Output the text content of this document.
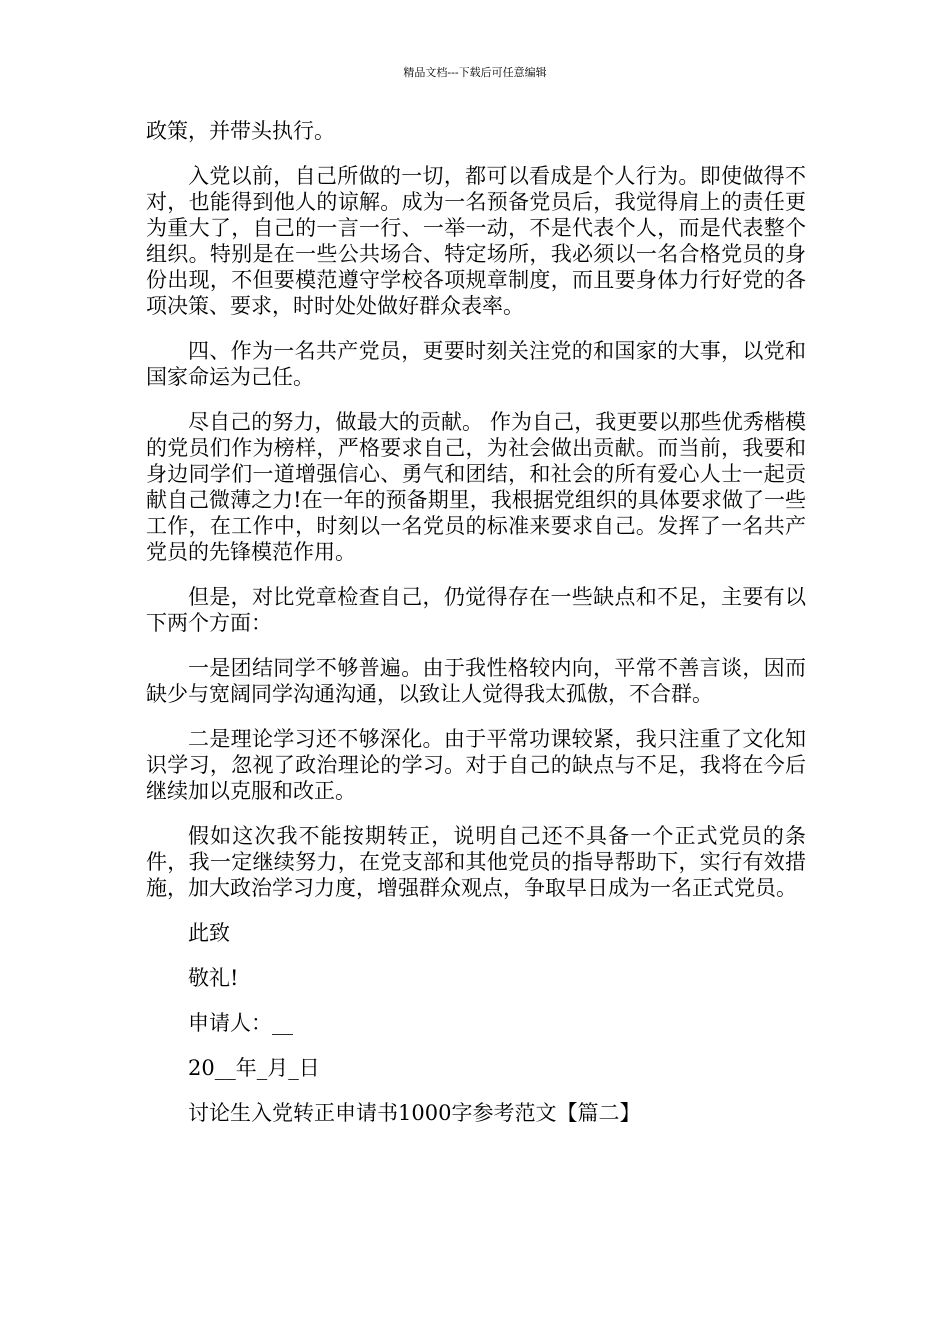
精品文档---下载后可任意编辑

政策，并带头执行。

入党以前，自己所做的一切，都可以看成是个人行为。即使做得不对，也能得到他人的谅解。成为一名预备党员后，我觉得肩上的责任更为重大了，自己的一言一行、一举一动，不是代表个人，而是代表整个组织。特别是在一些公共场合、特定场所，我必须以一名合格党员的身份出现，不但要模范遵守学校各项规章制度，而且要身体力行好党的各项决策、要求，时时处处做好群众表率。

四、作为一名共产党员，更要时刻关注党的和国家的大事，以党和国家命运为己任。

尽自己的努力，做最大的贡献。 作为自己，我更要以那些优秀楷模的党员们作为榜样，严格要求自己，为社会做出贡献。而当前，我要和身边同学们一道增强信心、勇气和团结，和社会的所有爱心人士一起贡献自己微薄之力!在一年的预备期里，我根据党组织的具体要求做了一些工作，在工作中，时刻以一名党员的标准来要求自己。发挥了一名共产党员的先锋模范作用。

但是，对比党章检查自己，仍觉得存在一些缺点和不足，主要有以下两个方面：

一是团结同学不够普遍。由于我性格较内向，平常不善言谈，因而缺少与宽阔同学沟通沟通，以致让人觉得我太孤傲，不合群。

二是理论学习还不够深化。由于平常功课较紧，我只注重了文化知识学习，忽视了政治理论的学习。对于自己的缺点与不足，我将在今后继续加以克服和改正。

假如这次我不能按期转正，说明自己还不具备一个正式党员的条件，我一定继续努力，在党支部和其他党员的指导帮助下，实行有效措施，加大政治学习力度，增强群众观点，争取早日成为一名正式党员。

此致

敬礼!

申请人：__

20__年_月_日

讨论生入党转正申请书1000字参考范文【篇二】
